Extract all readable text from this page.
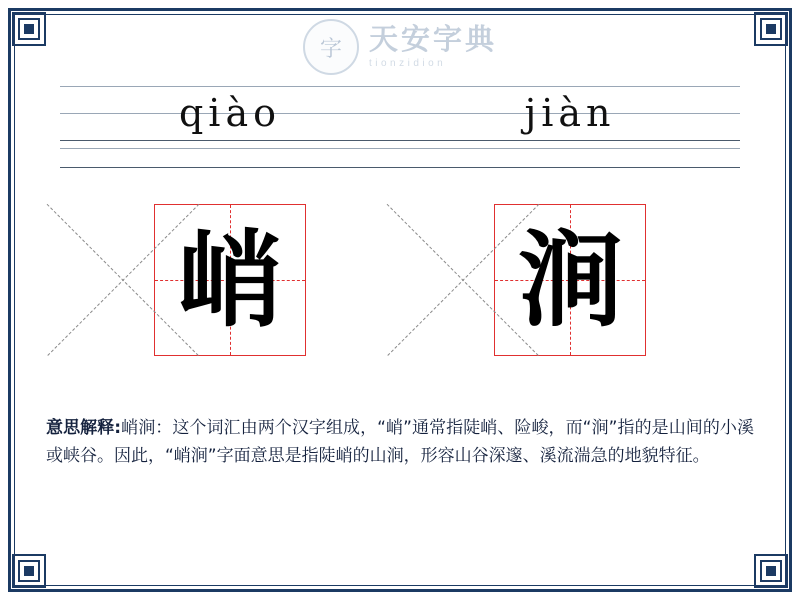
字 天安字典
tionzidion
qiào	jiàn
峭 涧
意思解释:峭涧：这个词汇由两个汉字组成，“峭”通常指陡峭、险峻，而“涧”指的是山间的小溪或峡谷。因此，“峭涧”字面意思是指陡峭的山涧，形容山谷深邃、溪流湍急的地貌特征。
